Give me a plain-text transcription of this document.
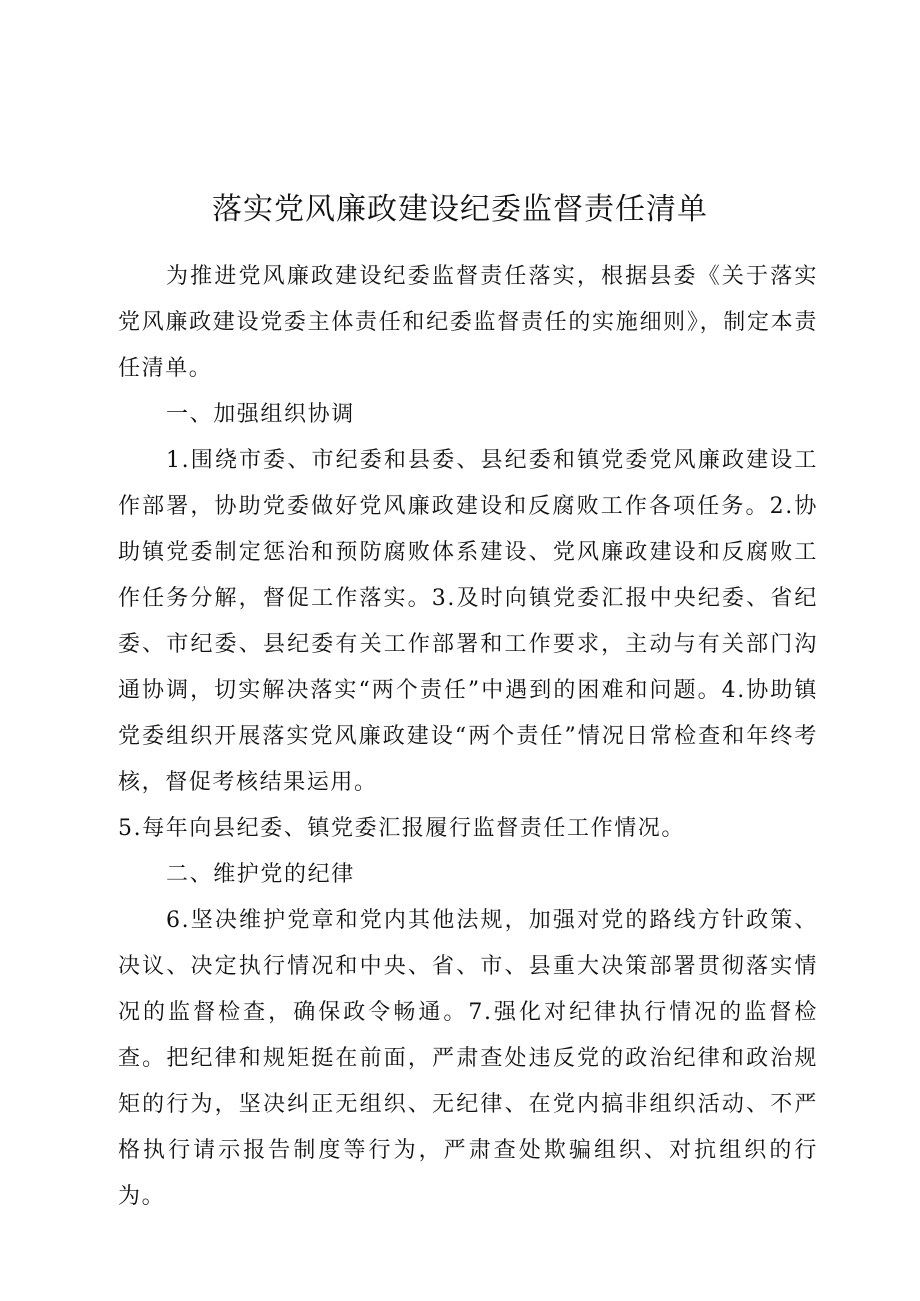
落实党风廉政建设纪委监督责任清单

为推进党风廉政建设纪委监督责任落实，根据县委《关于落实党风廉政建设党委主体责任和纪委监督责任的实施细则》，制定本责任清单。

一、加强组织协调

1.围绕市委、市纪委和县委、县纪委和镇党委党风廉政建设工作部署，协助党委做好党风廉政建设和反腐败工作各项任务。2.协助镇党委制定惩治和预防腐败体系建设、党风廉政建设和反腐败工作任务分解，督促工作落实。3.及时向镇党委汇报中央纪委、省纪委、市纪委、县纪委有关工作部署和工作要求，主动与有关部门沟通协调，切实解决落实“两个责任”中遇到的困难和问题。4.协助镇党委组织开展落实党风廉政建设“两个责任”情况日常检查和年终考核，督促考核结果运用。

5.每年向县纪委、镇党委汇报履行监督责任工作情况。

二、维护党的纪律

6.坚决维护党章和党内其他法规，加强对党的路线方针政策、决议、决定执行情况和中央、省、市、县重大决策部署贯彻落实情况的监督检查，确保政令畅通。7.强化对纪律执行情况的监督检查。把纪律和规矩挺在前面，严肃查处违反党的政治纪律和政治规矩的行为，坚决纠正无组织、无纪律、在党内搞非组织活动、不严格执行请示报告制度等行为，严肃查处欺骗组织、对抗组织的行为。
